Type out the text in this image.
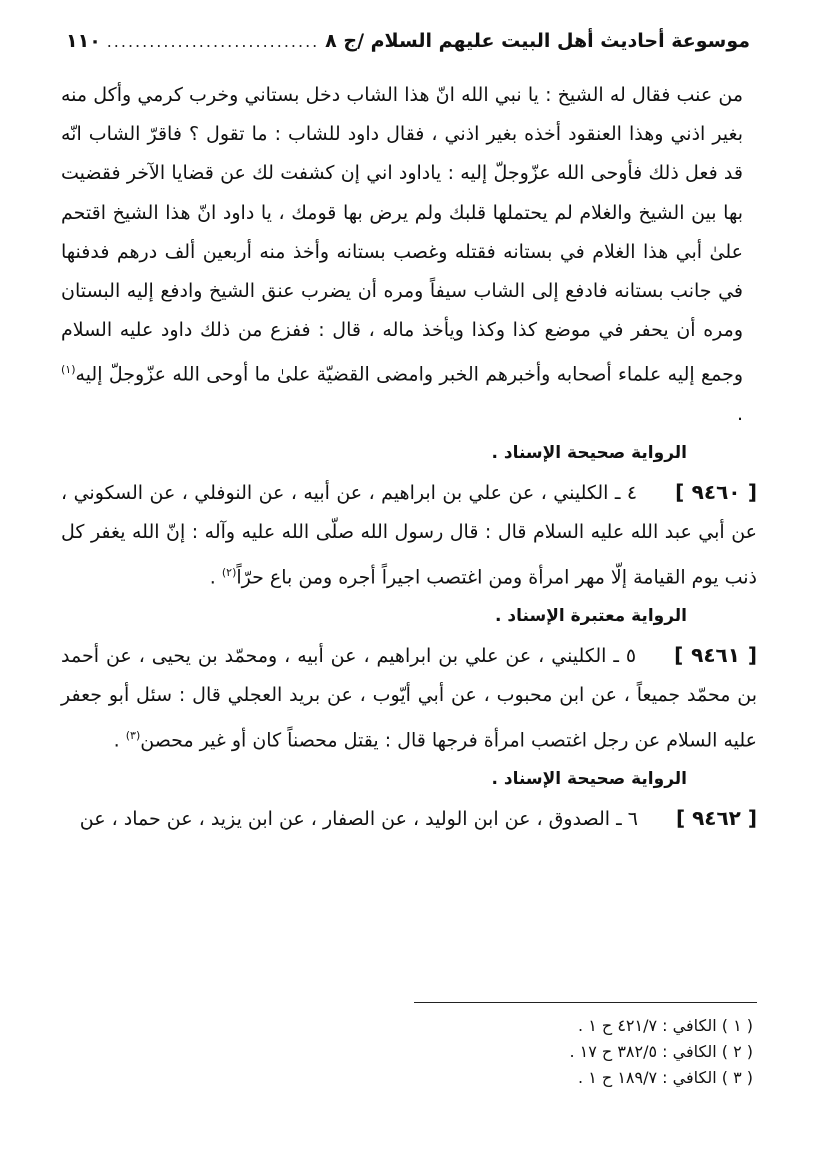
موسوعة أحاديث أهل البيت عليهم السلام /ج ٨
..............................
١١٠

من عنب فقال له الشيخ : يا نبي الله انّ هذا الشاب دخل بستاني وخرب كرمي وأكل منه بغير اذني وهذا العنقود أخذه بغير اذني ، فقال داود للشاب : ما تقول ؟ فاقرّ الشاب انّه قد فعل ذلك فأوحى الله عزّوجلّ إليه : ياداود اني إن كشفت لك عن قضايا الآخر فقضيت بها بين الشيخ والغلام لم يحتملها قلبك ولم يرض بها قومك ، يا داود انّ هذا الشيخ اقتحم علىٰ أبي هذا الغلام في بستانه فقتله وغصب بستانه وأخذ منه أربعين ألف درهم فدفنها في جانب بستانه فادفع إلى الشاب سيفاً ومره أن يضرب عنق الشيخ وادفع إليه البستان ومره أن يحفر في موضع كذا وكذا ويأخذ ماله ، قال : ففزع من ذلك داود عليه السلام وجمع إليه علماء أصحابه وأخبرهم الخبر وامضى القضيّة علىٰ ما أوحى الله عزّوجلّ إليه$^{(١)}$ .

الرواية صحيحة الإسناد .

[ ٩٤٦٠ ]٤ ـ الكليني ، عن علي بن ابراهيم ، عن أبيه ، عن النوفلي ، عن السكوني ، عن أبي عبد الله عليه السلام قال : قال رسول الله صلّى الله عليه وآله : إنّ الله يغفر كل ذنب يوم القيامة إلّا مهر امرأة ومن اغتصب اجيراً أجره ومن باع حرّاً$^{(٢)}$ .

الرواية معتبرة الإسناد .

[ ٩٤٦١ ]٥ ـ الكليني ، عن علي بن ابراهيم ، عن أبيه ، ومحمّد بن يحيى ، عن أحمد بن محمّد جميعاً ، عن ابن محبوب ، عن أبي أيّوب ، عن بريد العجلي قال : سئل أبو جعفر عليه السلام عن رجل اغتصب امرأة فرجها قال : يقتل محصناً كان أو غير محصن$^{(٣)}$ .

الرواية صحيحة الإسناد .

[ ٩٤٦٢ ]٦ ـ الصدوق ، عن ابن الوليد ، عن الصفار ، عن ابن يزيد ، عن حماد ، عن

( ١ ) الكافي : ٤٢١/٧ ح ١ .

( ٢ ) الكافي : ٣٨٢/٥ ح ١٧ .

( ٣ ) الكافي : ١٨٩/٧ ح ١ .
